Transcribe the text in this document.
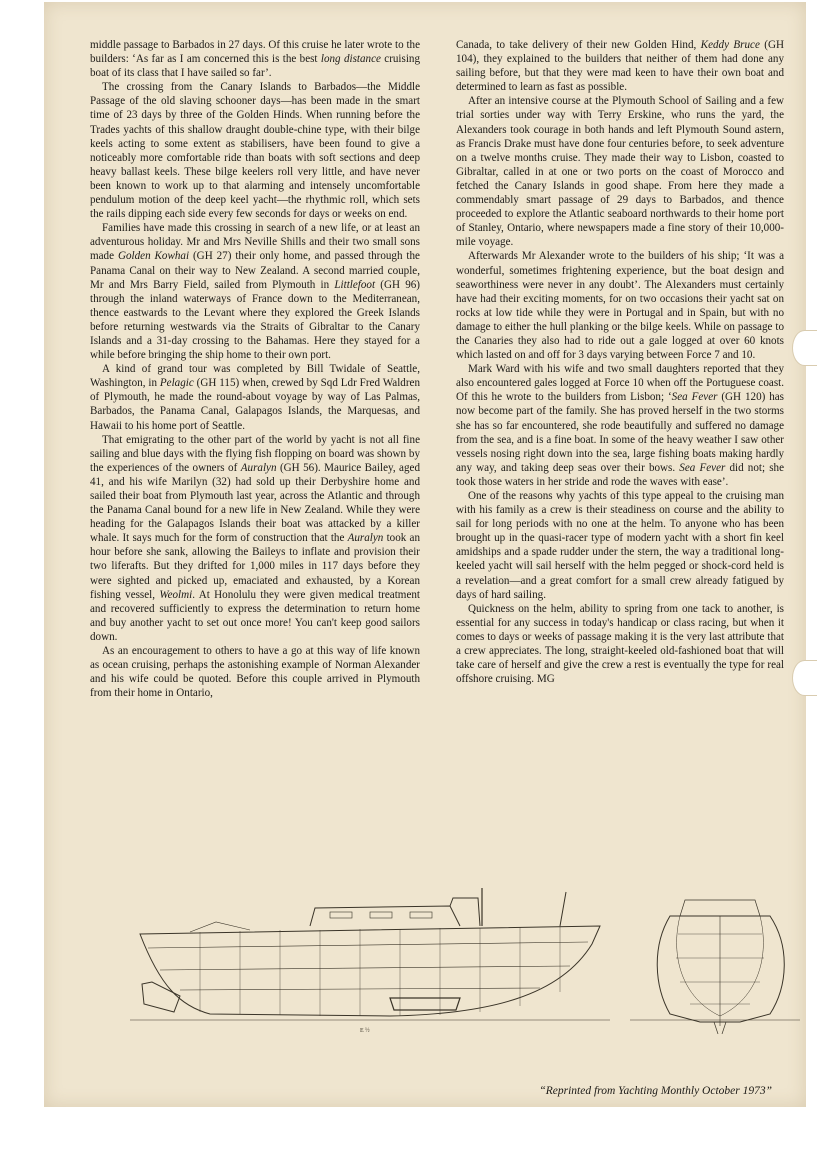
middle passage to Barbados in 27 days. Of this cruise he later wrote to the builders: ‘As far as I am concerned this is the best long distance cruising boat of its class that I have sailed so far’.

The crossing from the Canary Islands to Barbados—the Middle Passage of the old slaving schooner days—has been made in the smart time of 23 days by three of the Golden Hinds. When running before the Trades yachts of this shallow draught double-chine type, with their bilge keels acting to some extent as stabilisers, have been found to give a noticeably more comfortable ride than boats with soft sections and deep heavy ballast keels. These bilge keelers roll very little, and have never been known to work up to that alarming and intensely uncomfortable pendulum motion of the deep keel yacht—the rhythmic roll, which sets the rails dipping each side every few seconds for days or weeks on end.

Families have made this crossing in search of a new life, or at least an adventurous holiday. Mr and Mrs Neville Shills and their two small sons made Golden Kowhai (GH 27) their only home, and passed through the Panama Canal on their way to New Zealand. A second married couple, Mr and Mrs Barry Field, sailed from Plymouth in Littlefoot (GH 96) through the inland waterways of France down to the Mediterranean, thence eastwards to the Levant where they explored the Greek Islands before returning westwards via the Straits of Gibraltar to the Canary Islands and a 31-day crossing to the Bahamas. Here they stayed for a while before bringing the ship home to their own port.

A kind of grand tour was completed by Bill Twidale of Seattle, Washington, in Pelagic (GH 115) when, crewed by Sqd Ldr Fred Waldren of Plymouth, he made the round-about voyage by way of Las Palmas, Barbados, the Panama Canal, Galapagos Islands, the Marquesas, and Hawaii to his home port of Seattle.

That emigrating to the other part of the world by yacht is not all fine sailing and blue days with the flying fish flopping on board was shown by the experiences of the owners of Auralyn (GH 56). Maurice Bailey, aged 41, and his wife Marilyn (32) had sold up their Derbyshire home and sailed their boat from Plymouth last year, across the Atlantic and through the Panama Canal bound for a new life in New Zealand. While they were heading for the Galapagos Islands their boat was attacked by a killer whale. It says much for the form of construction that the Auralyn took an hour before she sank, allowing the Baileys to inflate and provision their two liferafts. But they drifted for 1,000 miles in 117 days before they were sighted and picked up, emaciated and exhausted, by a Korean fishing vessel, Weolmi. At Honolulu they were given medical treatment and recovered sufficiently to express the determination to return home and buy another yacht to set out once more! You can't keep good sailors down.

As an encouragement to others to have a go at this way of life known as ocean cruising, perhaps the astonishing example of Norman Alexander and his wife could be quoted. Before this couple arrived in Plymouth from their home in Ontario,

Canada, to take delivery of their new Golden Hind, Keddy Bruce (GH 104), they explained to the builders that neither of them had done any sailing before, but that they were mad keen to have their own boat and determined to learn as fast as possible.

After an intensive course at the Plymouth School of Sailing and a few trial sorties under way with Terry Erskine, who runs the yard, the Alexanders took courage in both hands and left Plymouth Sound astern, as Francis Drake must have done four centuries before, to seek adventure on a twelve months cruise. They made their way to Lisbon, coasted to Gibraltar, called in at one or two ports on the coast of Morocco and fetched the Canary Islands in good shape. From here they made a commendably smart passage of 29 days to Barbados, and thence proceeded to explore the Atlantic seaboard northwards to their home port of Stanley, Ontario, where newspapers made a fine story of their 10,000-mile voyage.

Afterwards Mr Alexander wrote to the builders of his ship; ‘It was a wonderful, sometimes frightening experience, but the boat design and seaworthiness were never in any doubt’. The Alexanders must certainly have had their exciting moments, for on two occasions their yacht sat on rocks at low tide while they were in Portugal and in Spain, but with no damage to either the hull planking or the bilge keels. While on passage to the Canaries they also had to ride out a gale logged at over 60 knots which lasted on and off for 3 days varying between Force 7 and 10.

Mark Ward with his wife and two small daughters reported that they also encountered gales logged at Force 10 when off the Portuguese coast. Of this he wrote to the builders from Lisbon; ‘Sea Fever (GH 120) has now become part of the family. She has proved herself in the two storms she has so far encountered, she rode beautifully and suffered no damage from the sea, and is a fine boat. In some of the heavy weather I saw other vessels nosing right down into the sea, large fishing boats making hardly any way, and taking deep seas over their bows. Sea Fever did not; she took those waters in her stride and rode the waves with ease’.

One of the reasons why yachts of this type appeal to the cruising man with his family as a crew is their steadiness on course and the ability to sail for long periods with no one at the helm. To anyone who has been brought up in the quasi-racer type of modern yacht with a short fin keel amidships and a spade rudder under the stern, the way a traditional long-keeled yacht will sail herself with the helm pegged or shock-cord held is a revelation—and a great comfort for a small crew already fatigued by days of hard sailing.

Quickness on the helm, ability to spring from one tack to another, is essential for any success in today's handicap or class racing, but when it comes to days or weeks of passage making it is the very last attribute that a crew appreciates. The long, straight-keeled old-fashioned boat that will take care of herself and give the crew a rest is eventually the type for real offshore cruising. MG

E ½
“Reprinted from Yachting Monthly October 1973”
